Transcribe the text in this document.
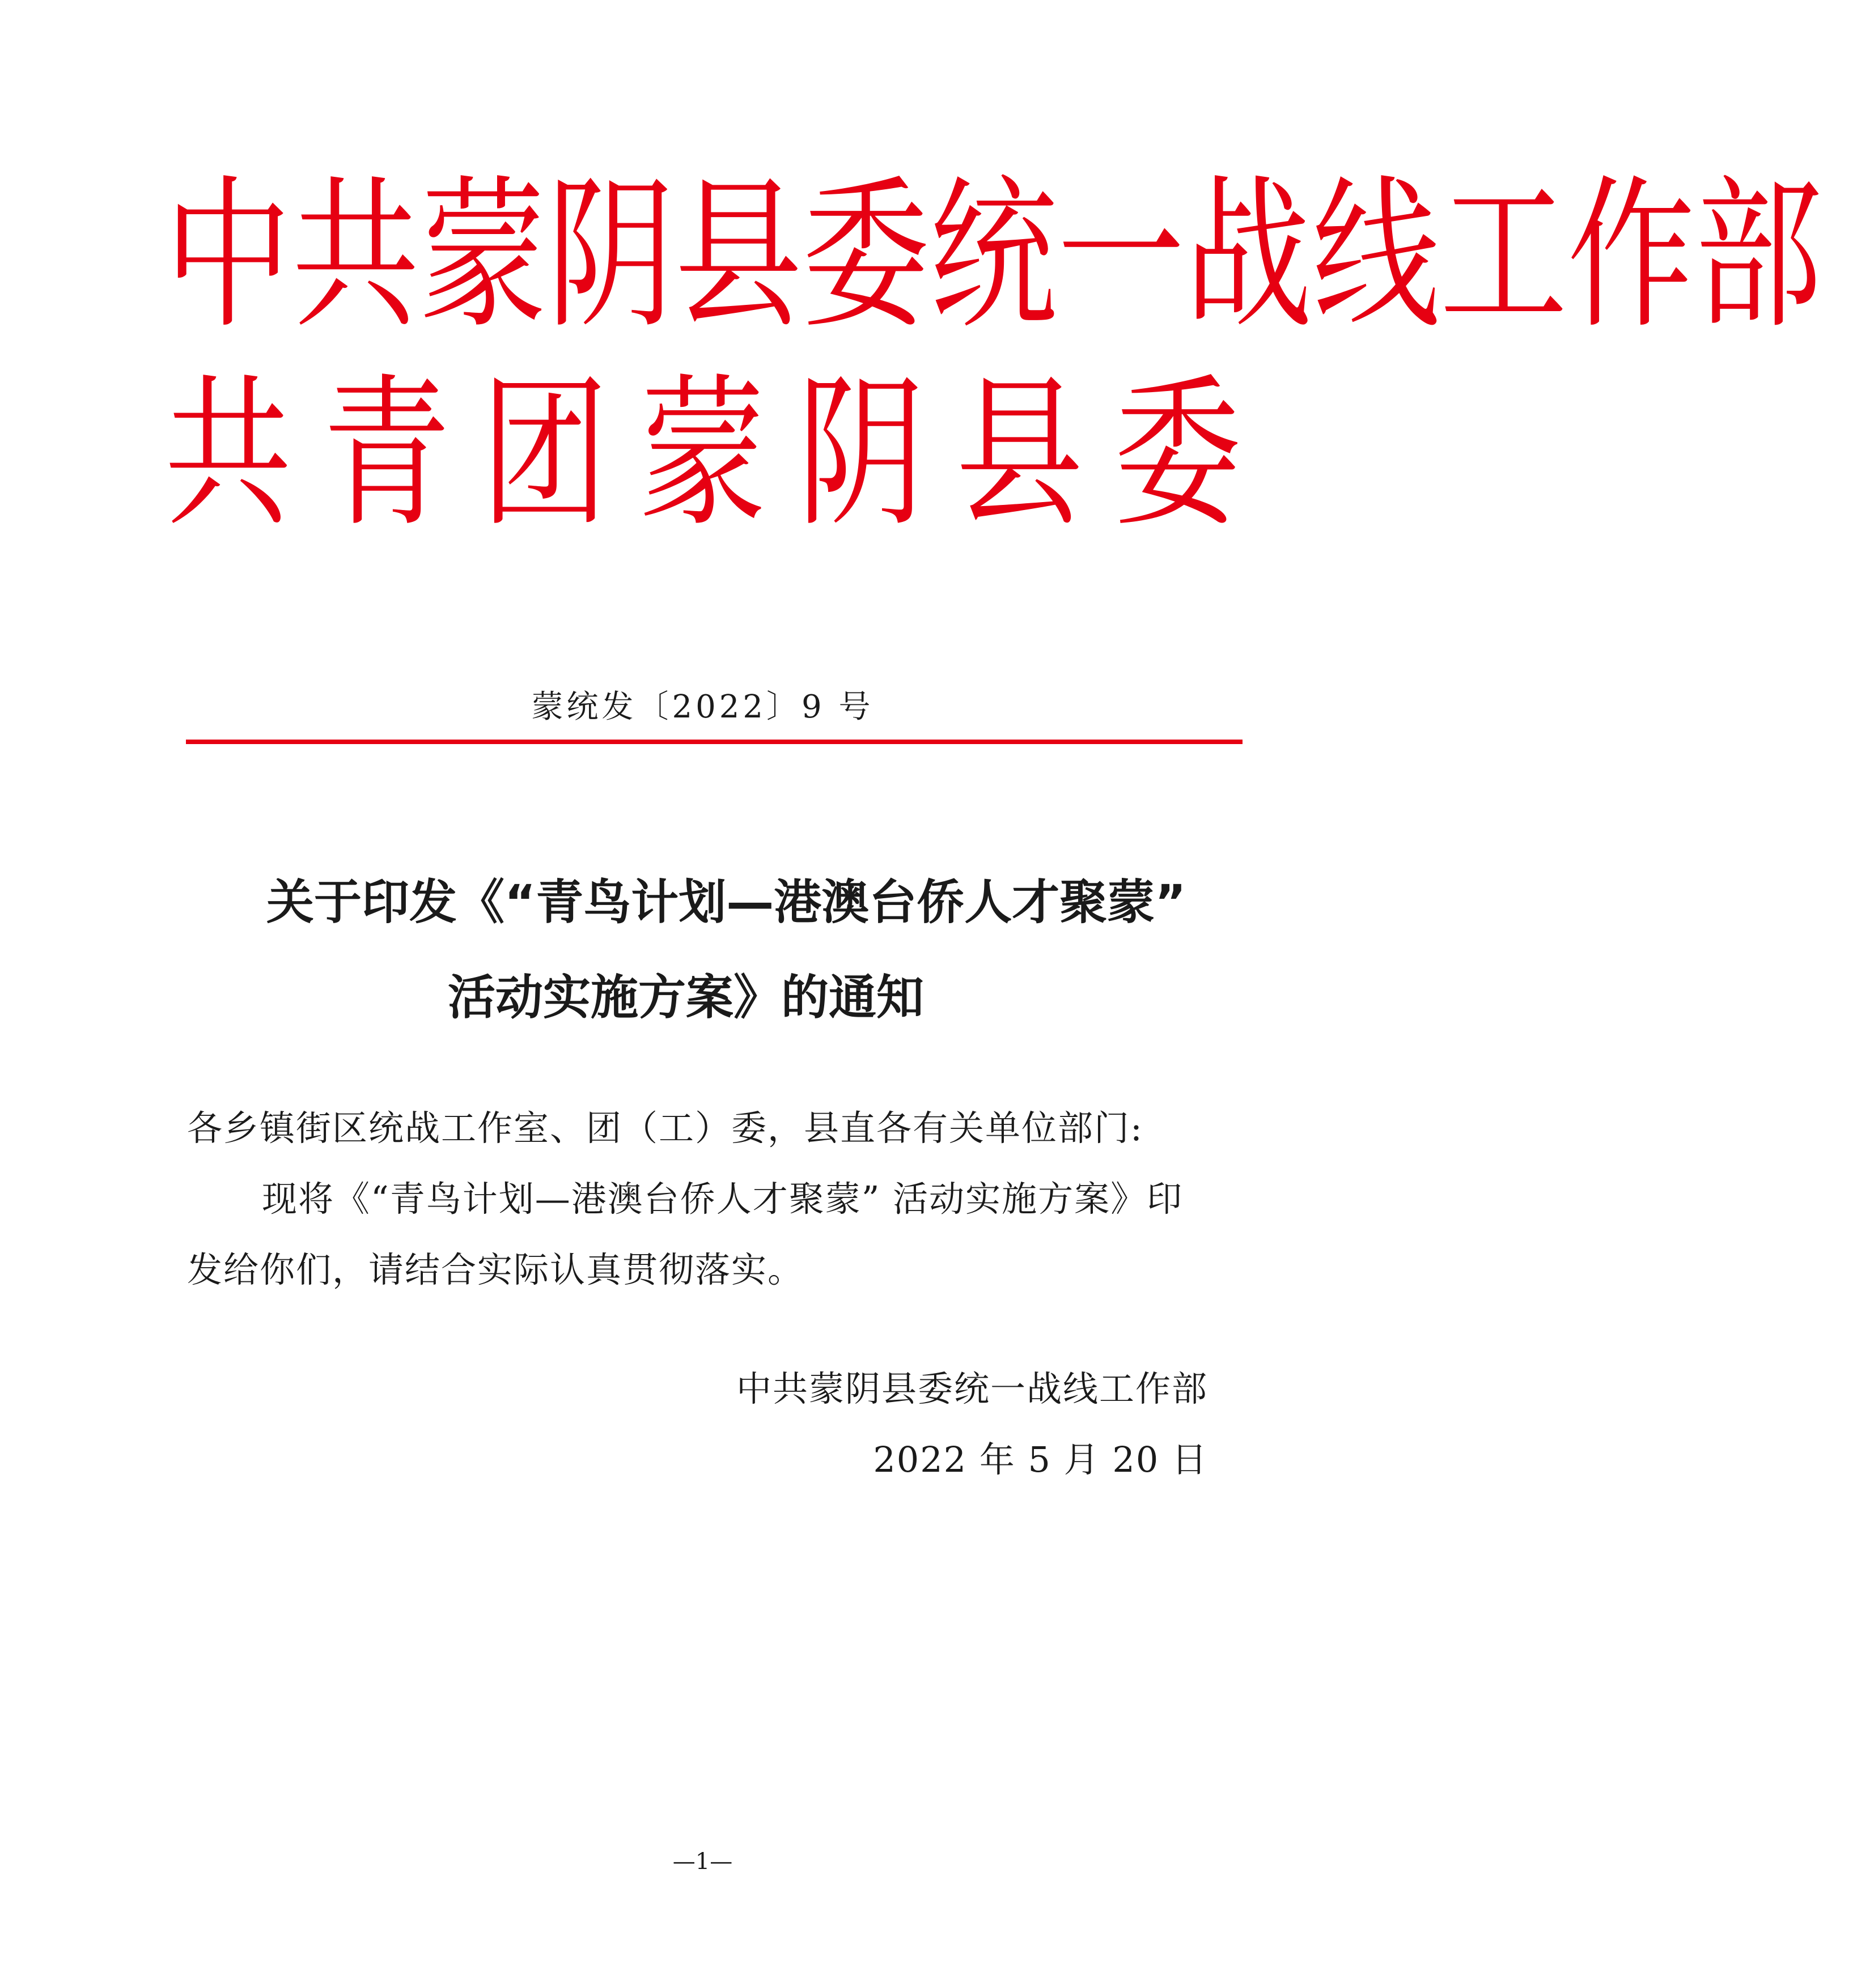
中 共 蒙 阴 县 委 统 一 战 线 工 作 部
共 青 团 蒙 阴 县 委
蒙统发〔2022〕9 号
关于印发《“青鸟计划—港澳台侨人才聚蒙”
活动实施方案》的通知
各乡镇街区统战工作室、团（工）委，县直各有关单位部门:
现将《“青鸟计划—港澳台侨人才聚蒙” 活动实施方案》印
发给你们，请结合实际认真贯彻落实。
中共蒙阴县委统一战线工作部
2022 年 5 月 20 日
—1—
